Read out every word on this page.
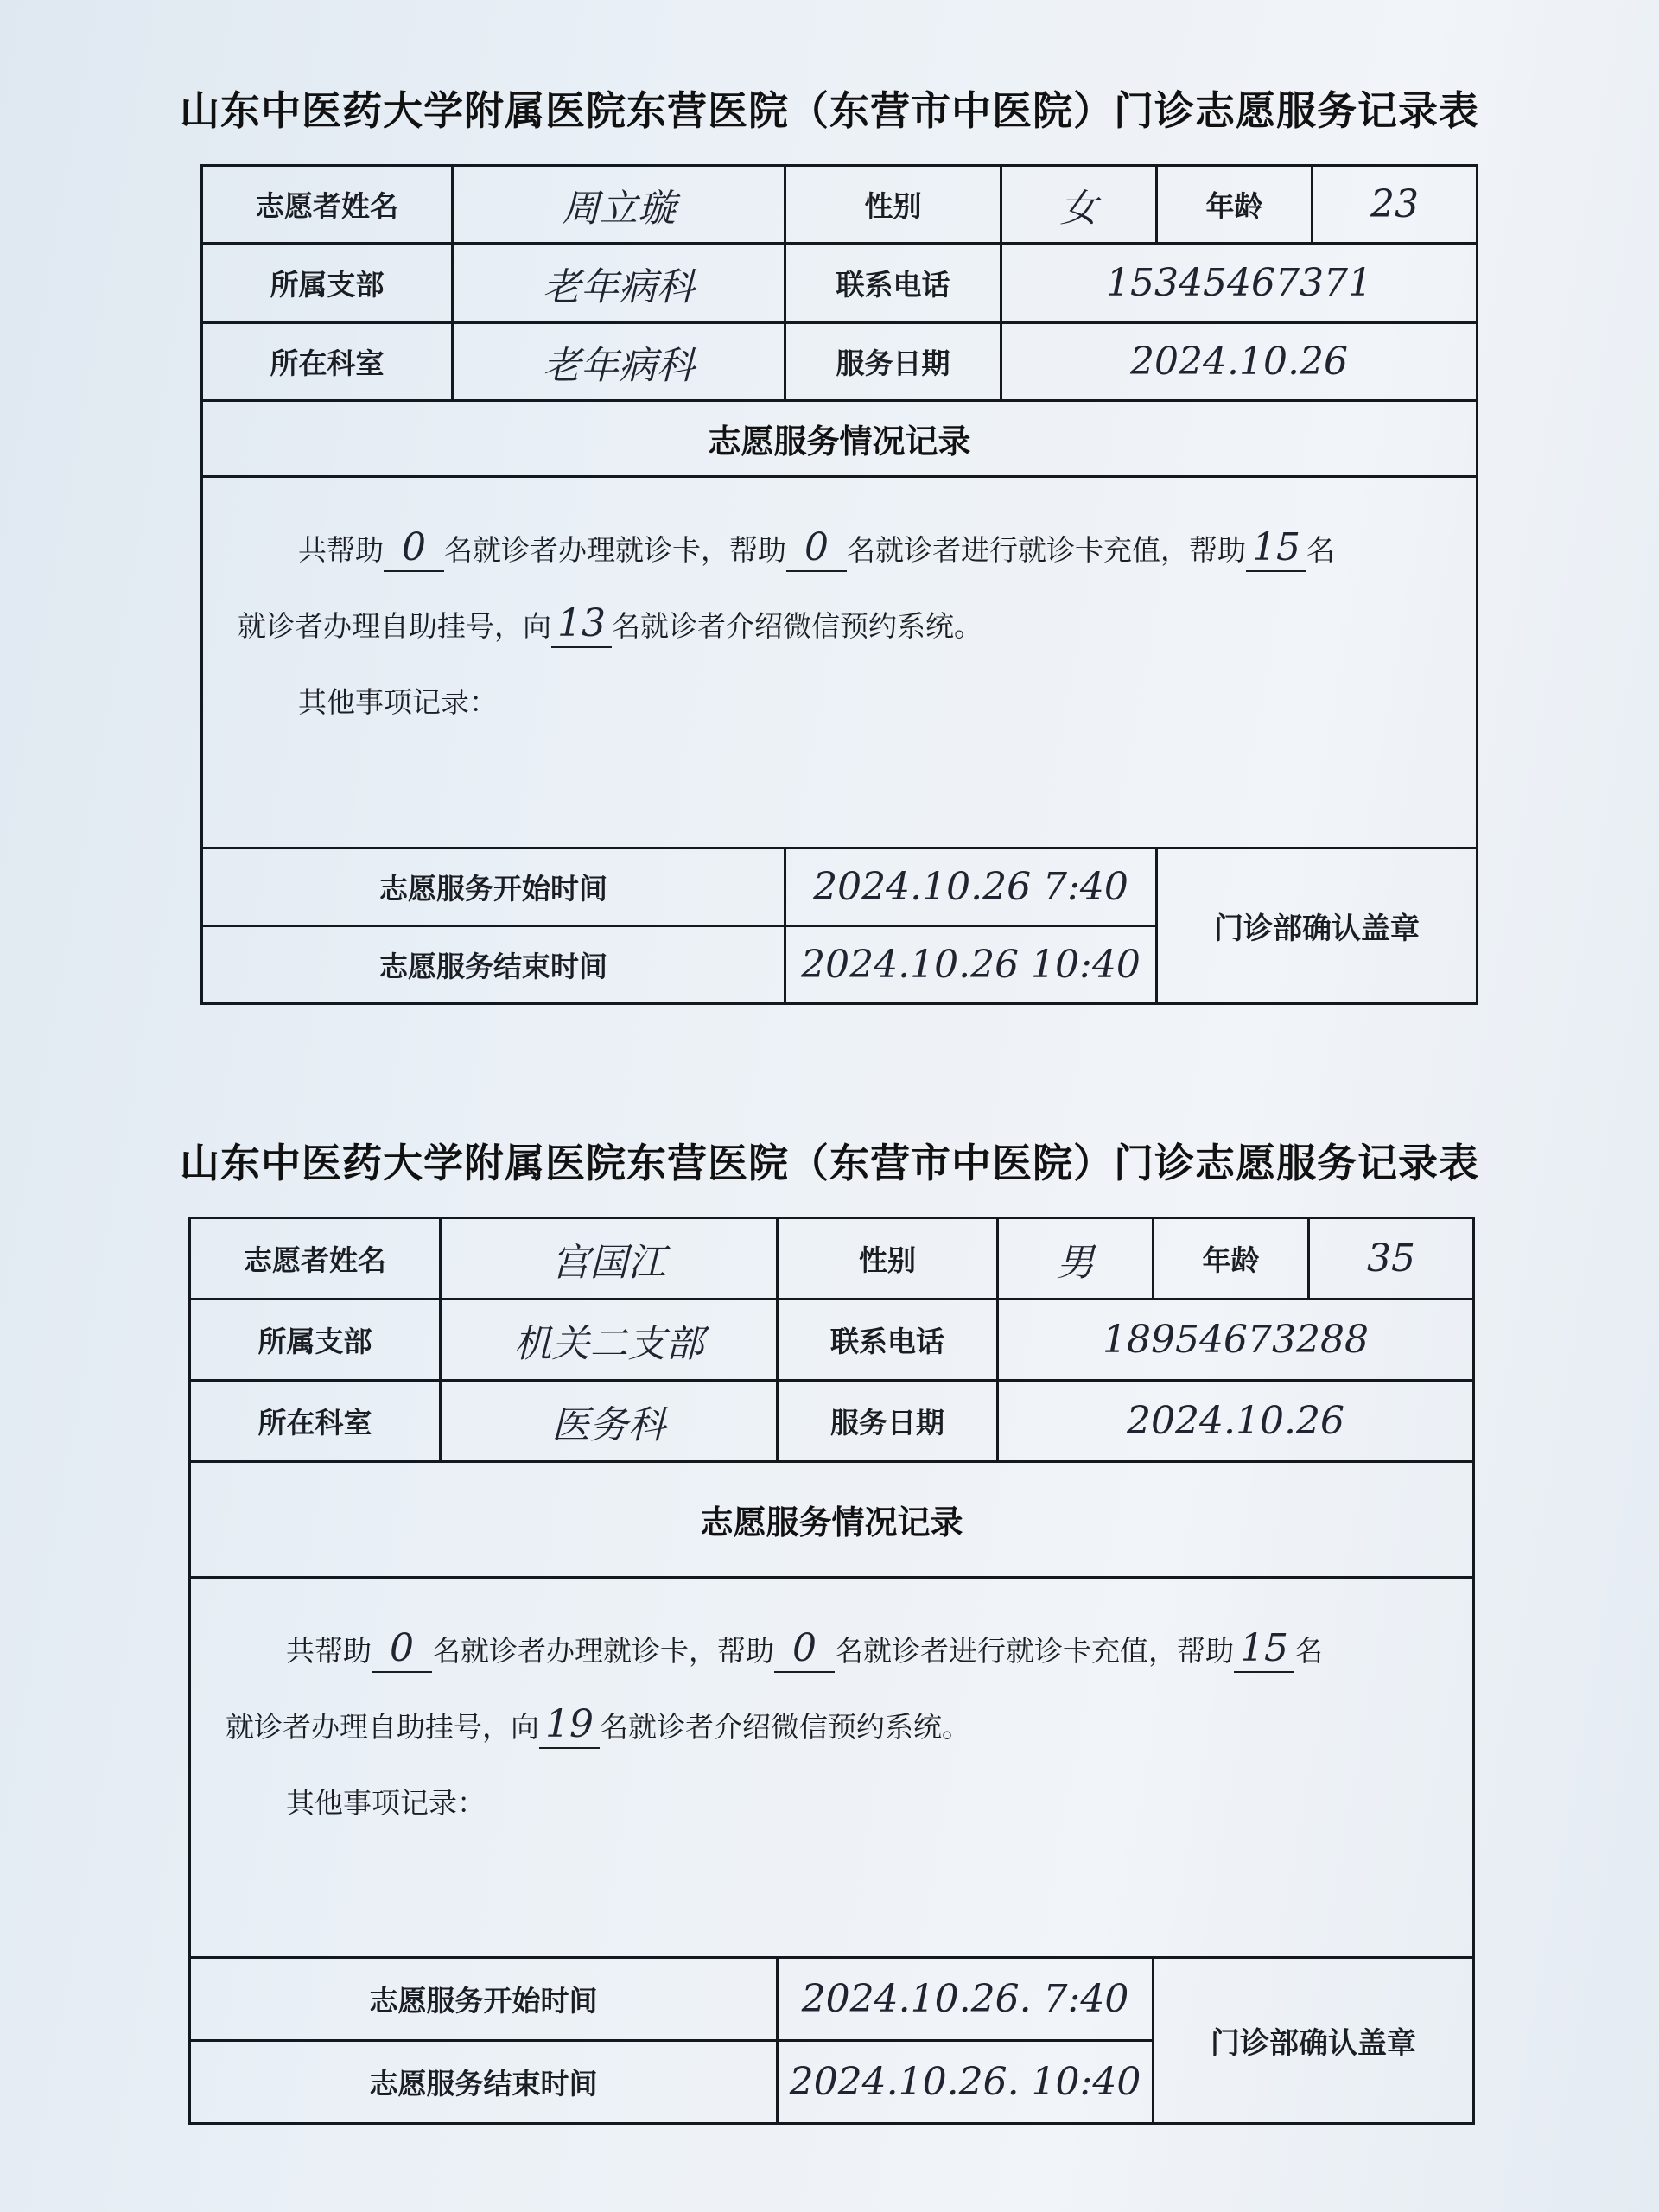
山东中医药大学附属医院东营医院（东营市中医院）门诊志愿服务记录表
志愿者姓名	周立璇	性别	女	年龄	23
所属支部	老年病科	联系电话	15345467371		
所在科室	老年病科	服务日期	2024.10.26		
志愿服务情况记录					

共帮助 0 名就诊者办理就诊卡，帮助 0 名就诊者进行就诊卡充值，帮助 15 名
就诊者办理自助挂号，向 13 名就诊者介绍微信预约系统。
其他事项记录：					

志愿服务开始时间		2024.10.26 7:40		门诊部确认盖章	
志愿服务结束时间		2024.10.26 10:40			
山东中医药大学附属医院东营医院（东营市中医院）门诊志愿服务记录表
志愿者姓名	宫国江	性别	男	年龄	35
所属支部	机关二支部	联系电话	18954673288		
所在科室	医务科	服务日期	2024.10.26		
志愿服务情况记录					

共帮助 0 名就诊者办理就诊卡，帮助 0 名就诊者进行就诊卡充值，帮助 15 名
就诊者办理自助挂号，向 19 名就诊者介绍微信预约系统。
其他事项记录：					

志愿服务开始时间		2024.10.26. 7:40		门诊部确认盖章	
志愿服务结束时间		2024.10.26. 10:40			
